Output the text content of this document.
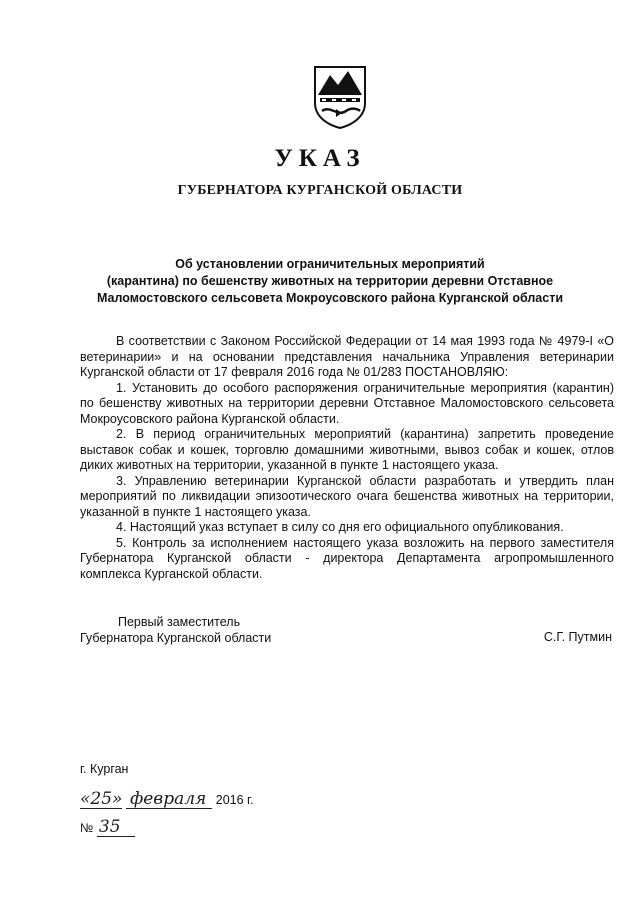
УКАЗ
ГУБЕРНАТОРА КУРГАНСКОЙ ОБЛАСТИ
Об установлении ограничительных мероприятий
(карантина) по бешенству животных на территории деревни Отставное
Маломостовского сельсовета Мокроусовского района Курганской области

В соответствии с Законом Российской Федерации от 14 мая 1993 года № 4979-I «О ветеринарии» и на основании представления начальника Управления ветеринарии Курганской области от 17 февраля 2016 года № 01/283 ПОСТАНОВЛЯЮ:

1. Установить до особого распоряжения ограничительные мероприятия (карантин) по бешенству животных на территории деревни Отставное Маломостовского сельсовета Мокроусовского района Курганской области.

2. В период ограничительных мероприятий (карантина) запретить проведение выставок собак и кошек, торговлю домашними животными, вывоз собак и кошек, отлов диких животных на территории, указанной в пункте 1 настоящего указа.

3. Управлению ветеринарии Курганской области разработать и утвердить план мероприятий по ликвидации эпизоотического очага бешенства животных на территории, указанной в пункте 1 настоящего указа.

4. Настоящий указ вступает в силу со дня его официального опубликования.

5. Контроль за исполнением настоящего указа возложить на первого заместителя Губернатора Курганской области - директора Департамента агропромышленного комплекса Курганской области.

Первый заместитель
Губернатора Курганской области	С.Г. Путмин
г. Курган
«25» февраля 2016 г.
№ 35
